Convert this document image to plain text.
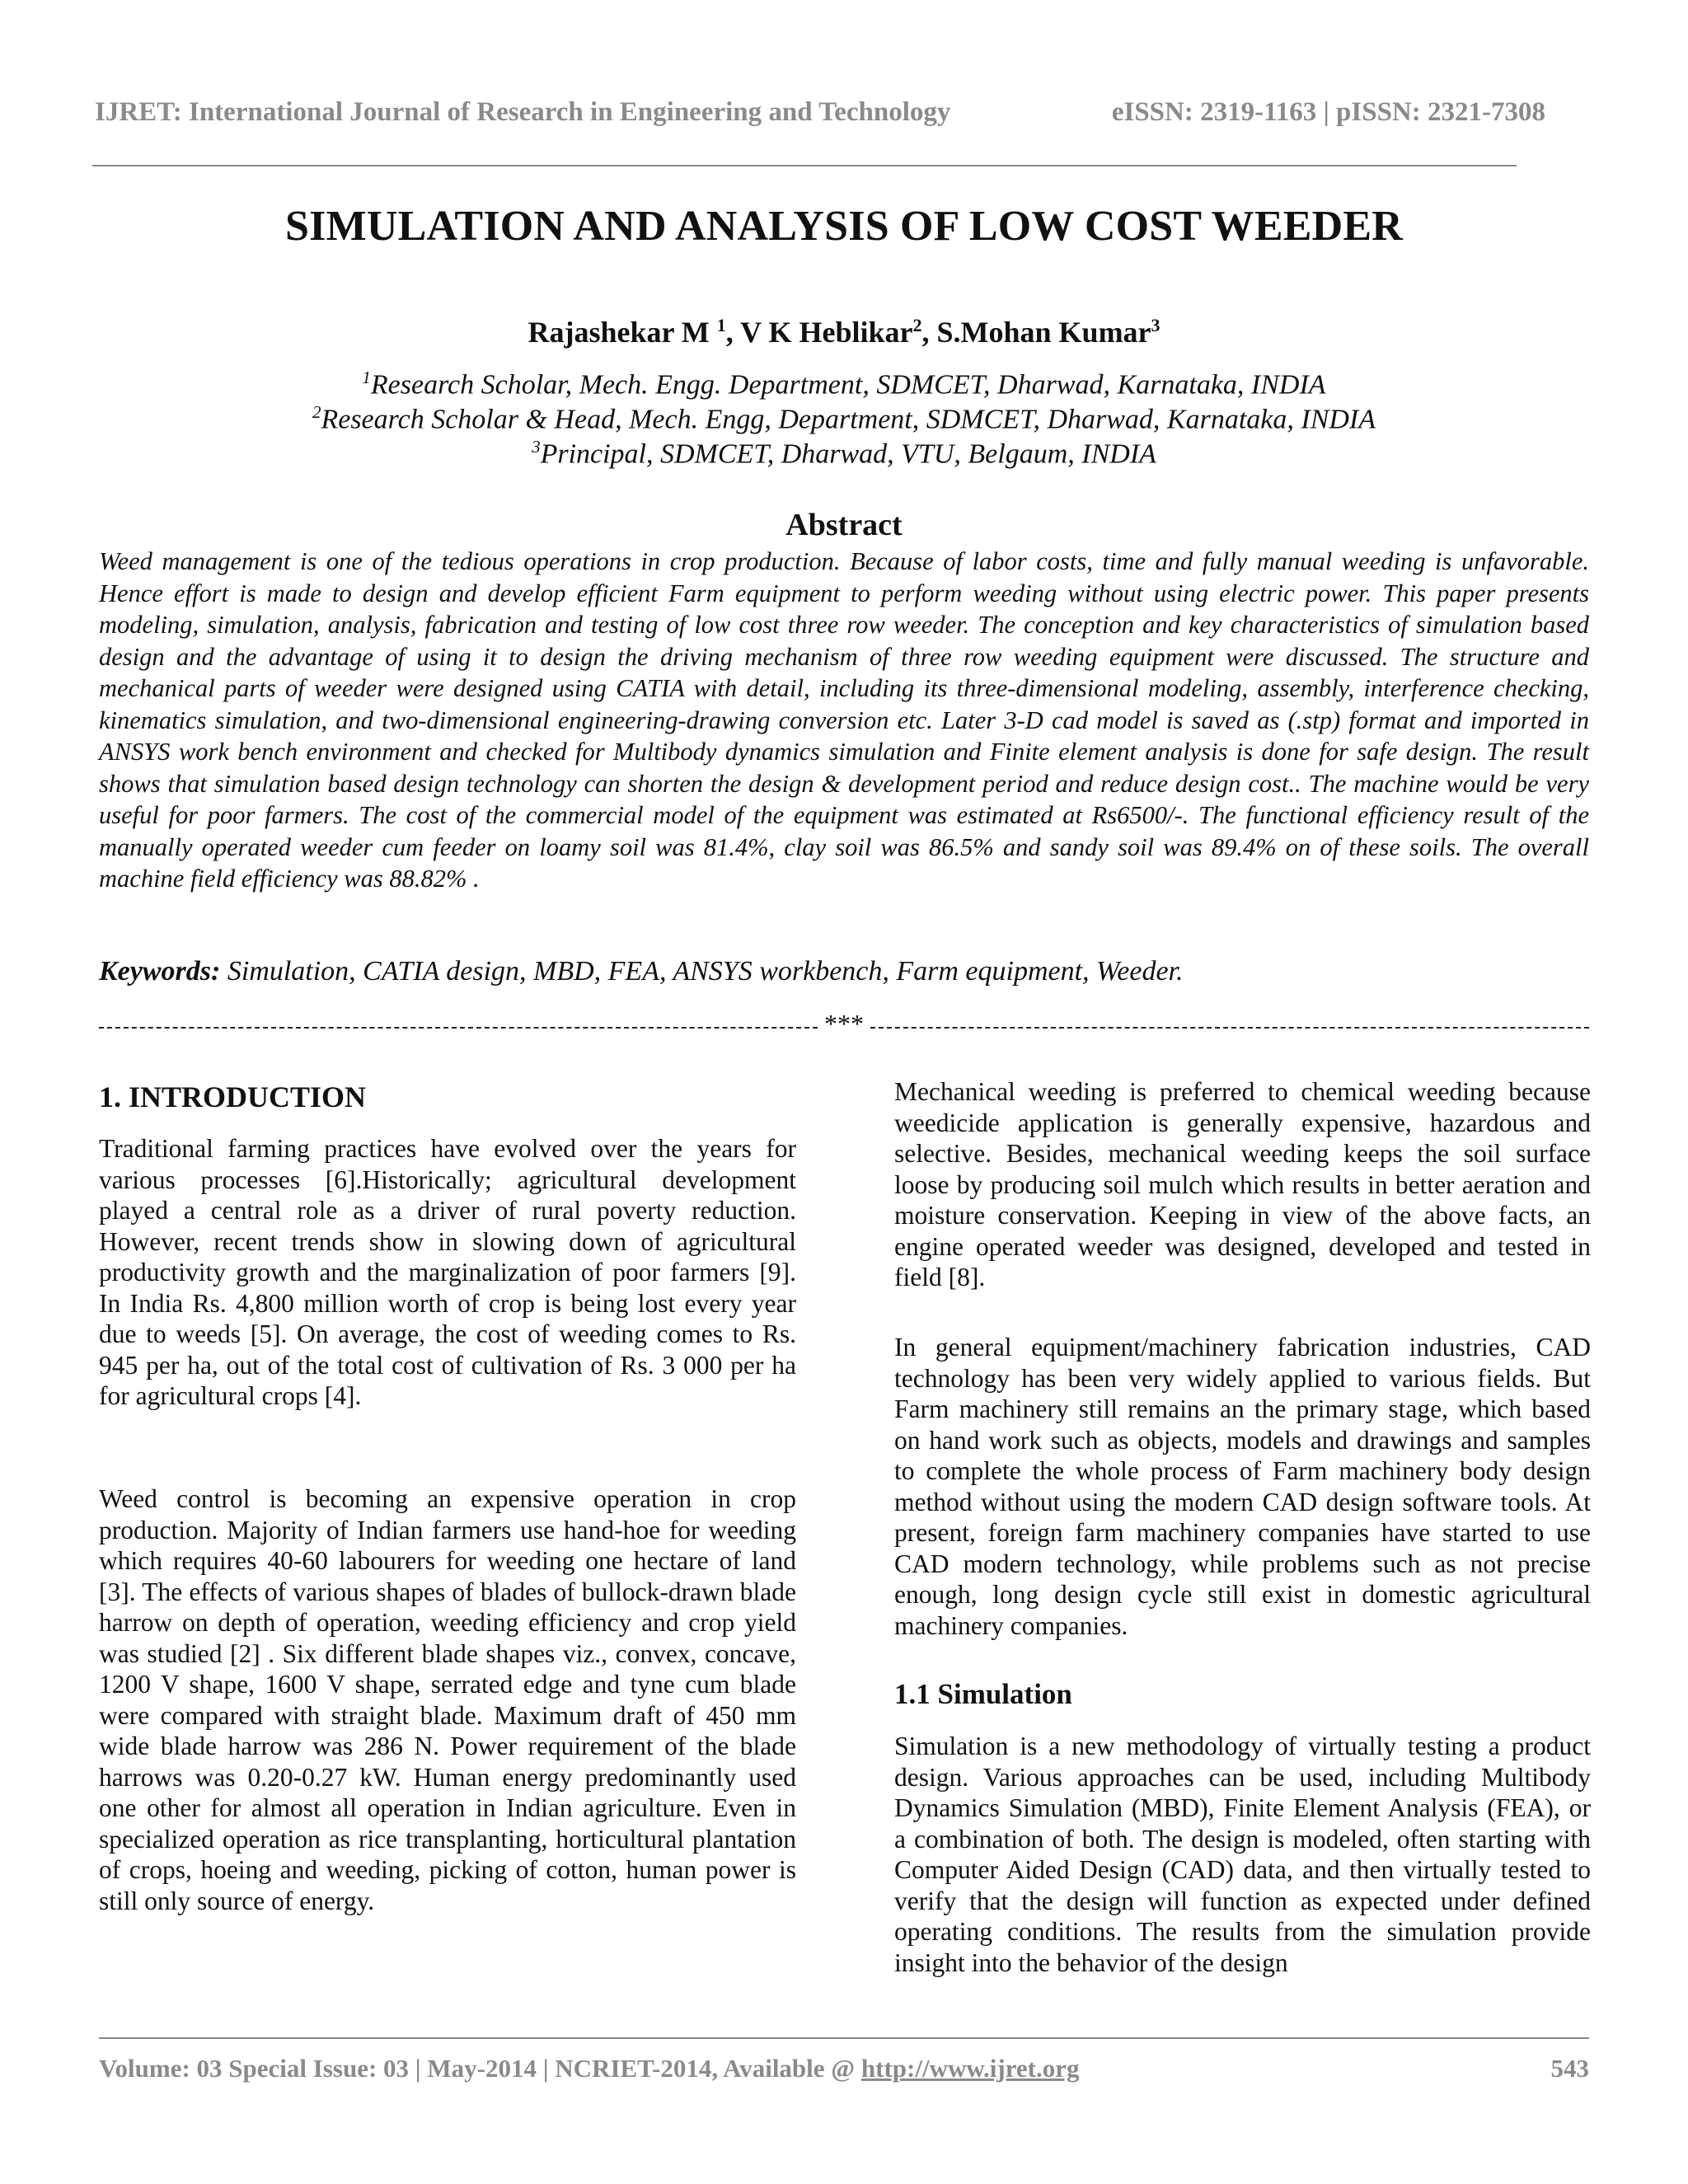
IJRET: International Journal of Research in Engineering and Technology	eISSN: 2319-1163 | pISSN: 2321-7308
SIMULATION AND ANALYSIS OF LOW COST WEEDER
Rajashekar M $^1$, V K Heblikar$^2$, S.Mohan Kumar$^3$
$^1$Research Scholar, Mech. Engg. Department, SDMCET, Dharwad, Karnataka, INDIA
$^2$Research Scholar & Head, Mech. Engg, Department, SDMCET, Dharwad, Karnataka, INDIA
$^3$Principal, SDMCET, Dharwad, VTU, Belgaum, INDIA
Abstract
Weed management is one of the tedious operations in crop production. Because of labor costs, time and fully manual weeding is unfavorable. Hence effort is made to design and develop efficient Farm equipment to perform weeding without using electric power. This paper presents modeling, simulation, analysis, fabrication and testing of low cost three row weeder. The conception and key characteristics of simulation based design and the advantage of using it to design the driving mechanism of three row weeding equipment were discussed. The structure and mechanical parts of weeder were designed using CATIA with detail, including its three-dimensional modeling, assembly, interference checking, kinematics simulation, and two-dimensional engineering-drawing conversion etc. Later 3-D cad model is saved as (.stp) format and imported in ANSYS work bench environment and checked for Multibody dynamics simulation and Finite element analysis is done for safe design. The result shows that simulation based design technology can shorten the design & development period and reduce design cost.. The machine would be very useful for poor farmers. The cost of the commercial model of the equipment was estimated at Rs6500/-. The functional efficiency result of the manually operated weeder cum feeder on loamy soil was 81.4%, clay soil was 86.5% and sandy soil was 89.4% on of these soils. The overall machine field efficiency was 88.82% .
Keywords: Simulation, CATIA design, MBD, FEA, ANSYS workbench, Farm equipment, Weeder.
***
1. INTRODUCTION
Traditional farming practices have evolved over the years for various processes [6].Historically; agricultural development played a central role as a driver of rural poverty reduction. However, recent trends show in slowing down of agricultural productivity growth and the marginalization of poor farmers [9]. In India Rs. 4,800 million worth of crop is being lost every year due to weeds [5]. On average, the cost of weeding comes to Rs. 945 per ha, out of the total cost of cultivation of Rs. 3 000 per ha for agricultural crops [4].
Weed control is becoming an expensive operation in crop production. Majority of Indian farmers use hand-hoe for weeding which requires 40-60 labourers for weeding one hectare of land [3]. The effects of various shapes of blades of bullock-drawn blade harrow on depth of operation, weeding efficiency and crop yield was studied [2] . Six different blade shapes viz., convex, concave, 1200 V shape, 1600 V shape, serrated edge and tyne cum blade were compared with straight blade. Maximum draft of 450 mm wide blade harrow was 286 N. Power requirement of the blade harrows was 0.20-0.27 kW. Human energy predominantly used one other for almost all operation in Indian agriculture. Even in specialized operation as rice transplanting, horticultural plantation of crops, hoeing and weeding, picking of cotton, human power is still only source of energy.
Mechanical weeding is preferred to chemical weeding because weedicide application is generally expensive, hazardous and selective. Besides, mechanical weeding keeps the soil surface loose by producing soil mulch which results in better aeration and moisture conservation. Keeping in view of the above facts, an engine operated weeder was designed, developed and tested in field [8].
In general equipment/machinery fabrication industries, CAD technology has been very widely applied to various fields. But Farm machinery still remains an the primary stage, which based on hand work such as objects, models and drawings and samples to complete the whole process of Farm machinery body design method without using the modern CAD design software tools. At present, foreign farm machinery companies have started to use CAD modern technology, while problems such as not precise enough, long design cycle still exist in domestic agricultural machinery companies.
1.1 Simulation
Simulation is a new methodology of virtually testing a product design. Various approaches can be used, including Multibody Dynamics Simulation (MBD), Finite Element Analysis (FEA), or a combination of both. The design is modeled, often starting with Computer Aided Design (CAD) data, and then virtually tested to verify that the design will function as expected under defined operating conditions. The results from the simulation provide insight into the behavior of the design
Volume: 03 Special Issue: 03 | May-2014 | NCRIET-2014, Available @ http://www.ijret.org	543
